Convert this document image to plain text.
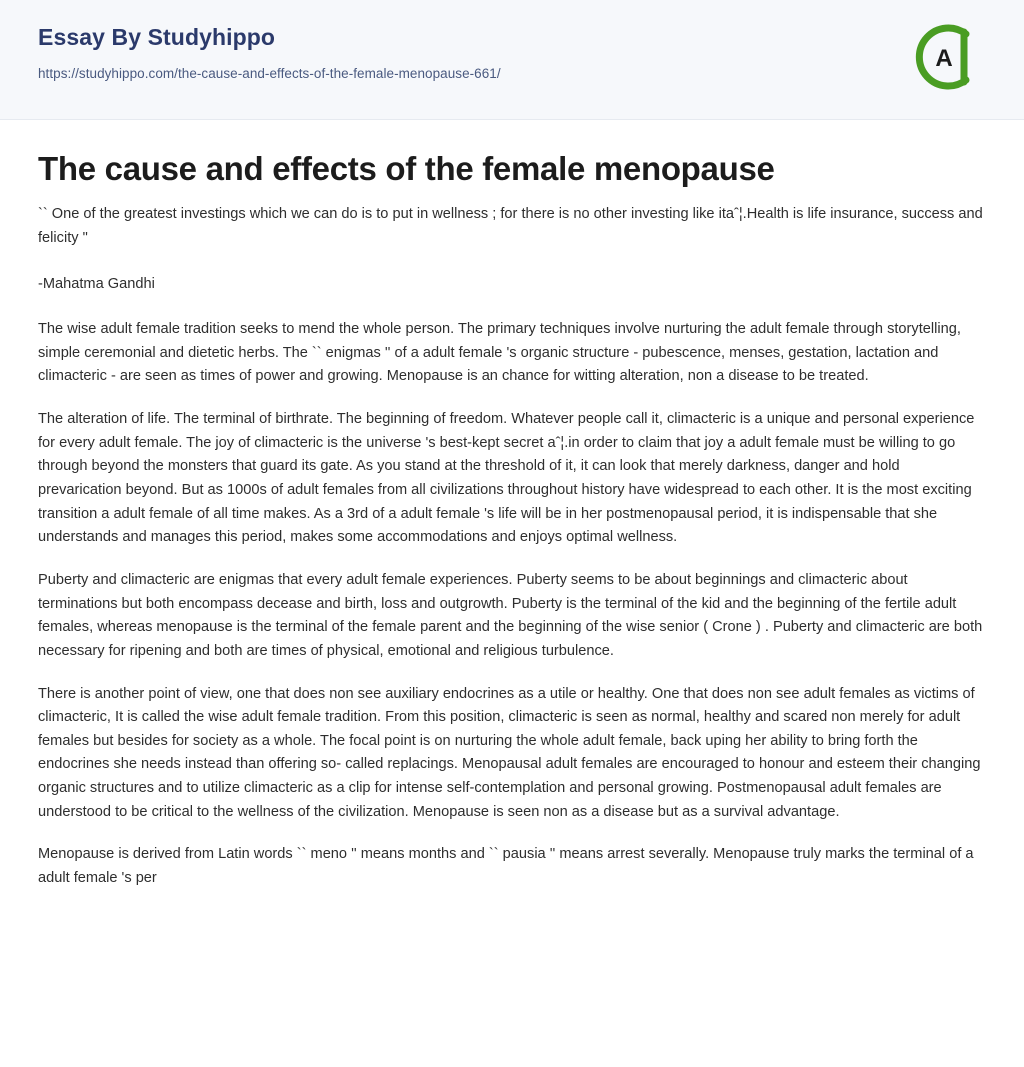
Essay By Studyhippo
https://studyhippo.com/the-cause-and-effects-of-the-female-menopause-661/
A
The cause and effects of the female menopause

`` One of the greatest investings which we can do is to put in wellness ; for there is no other investing like itaˆ¦.Health is life insurance, success and felicity "

-Mahatma Gandhi

The wise adult female tradition seeks to mend the whole person. The primary techniques involve nurturing the adult female through storytelling, simple ceremonial and dietetic herbs. The `` enigmas '' of a adult female 's organic structure - pubescence, menses, gestation, lactation and climacteric - are seen as times of power and growing. Menopause is an chance for witting alteration, non a disease to be treated.

The alteration of life. The terminal of birthrate. The beginning of freedom. Whatever people call it, climacteric is a unique and personal experience for every adult female. The joy of climacteric is the universe 's best-kept secret aˆ¦.in order to claim that joy a adult female must be willing to go through beyond the monsters that guard its gate. As you stand at the threshold of it, it can look that merely darkness, danger and hold prevarication beyond. But as 1000s of adult females from all civilizations throughout history have widespread to each other. It is the most exciting transition a adult female of all time makes. As a 3rd of a adult female 's life will be in her postmenopausal period, it is indispensable that she understands and manages this period, makes some accommodations and enjoys optimal wellness.

Puberty and climacteric are enigmas that every adult female experiences. Puberty seems to be about beginnings and climacteric about terminations but both encompass decease and birth, loss and outgrowth. Puberty is the terminal of the kid and the beginning of the fertile adult females, whereas menopause is the terminal of the female parent and the beginning of the wise senior ( Crone ) . Puberty and climacteric are both necessary for ripening and both are times of physical, emotional and religious turbulence.

There is another point of view, one that does non see auxiliary endocrines as a utile or healthy. One that does non see adult females as victims of climacteric, It is called the wise adult female tradition. From this position, climacteric is seen as normal, healthy and scared non merely for adult females but besides for society as a whole. The focal point is on nurturing the whole adult female, back uping her ability to bring forth the endocrines she needs instead than offering so- called replacings. Menopausal adult females are encouraged to honour and esteem their changing organic structures and to utilize climacteric as a clip for intense self-contemplation and personal growing. Postmenopausal adult females are understood to be critical to the wellness of the civilization. Menopause is seen non as a disease but as a survival advantage.

Menopause is derived from Latin words `` meno '' means months and `` pausia '' means arrest severally. Menopause truly marks the terminal of a adult female 's per
